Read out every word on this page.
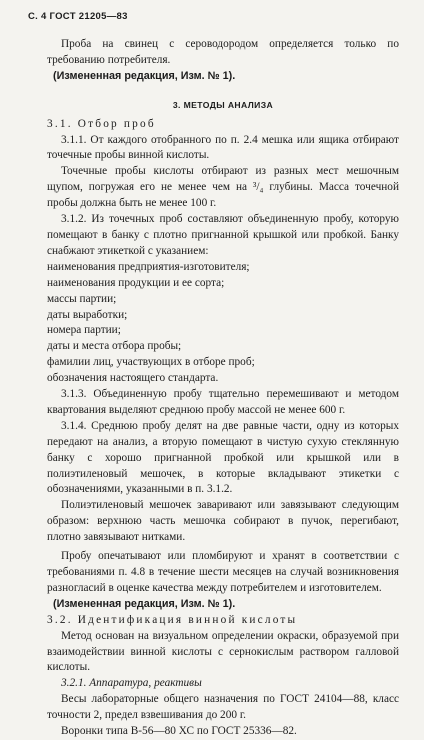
С. 4 ГОСТ 21205—83

Проба на свинец с сероводородом определяется только по требованию потребителя.

(Измененная редакция, Изм. № 1).

3. МЕТОДЫ АНАЛИЗА

3.1. Отбор проб

3.1.1. От каждого отобранного по п. 2.4 мешка или ящика отбирают точечные пробы винной кислоты.

Точечные пробы кислоты отбирают из разных мест мешочным щупом, погружая его не менее чем на ³/₄ глубины. Масса точечной пробы должна быть не менее 100 г.

3.1.2. Из точечных проб составляют объединенную пробу, которую помещают в банку с плотно пригнанной крышкой или пробкой. Банку снабжают этикеткой с указанием:

наименования предприятия-изготовителя;

наименования продукции и ее сорта;

массы партии;

даты выработки;

номера партии;

даты и места отбора пробы;

фамилии лиц, участвующих в отборе проб;

обозначения настоящего стандарта.

3.1.3. Объединенную пробу тщательно перемешивают и методом квартования выделяют среднюю пробу массой не менее 600 г.

3.1.4. Среднюю пробу делят на две равные части, одну из которых передают на анализ, а вторую помещают в чистую сухую стеклянную банку с хорошо пригнанной пробкой или крышкой или в полиэтиленовый мешочек, в которые вкладывают этикетки с обозначениями, указанными в п. 3.1.2.

Полиэтиленовый мешочек заваривают или завязывают следующим образом: верхнюю часть мешочка собирают в пучок, перегибают, плотно завязывают нитками.

Пробу опечатывают или пломбируют и хранят в соответствии с требованиями п. 4.8 в течение шести месяцев на случай возникновения разногласий в оценке качества между потребителем и изготовителем.

(Измененная редакция, Изм. № 1).

3.2. Идентификация винной кислоты

Метод основан на визуальном определении окраски, образуемой при взаимодействии винной кислоты с сернокислым раствором галловой кислоты.

3.2.1. Аппаратура, реактивы

Весы лабораторные общего назначения по ГОСТ 24104—88, класс точности 2, предел взвешивания до 200 г.

Воронки типа В-56—80 ХС по ГОСТ 25336—82.
